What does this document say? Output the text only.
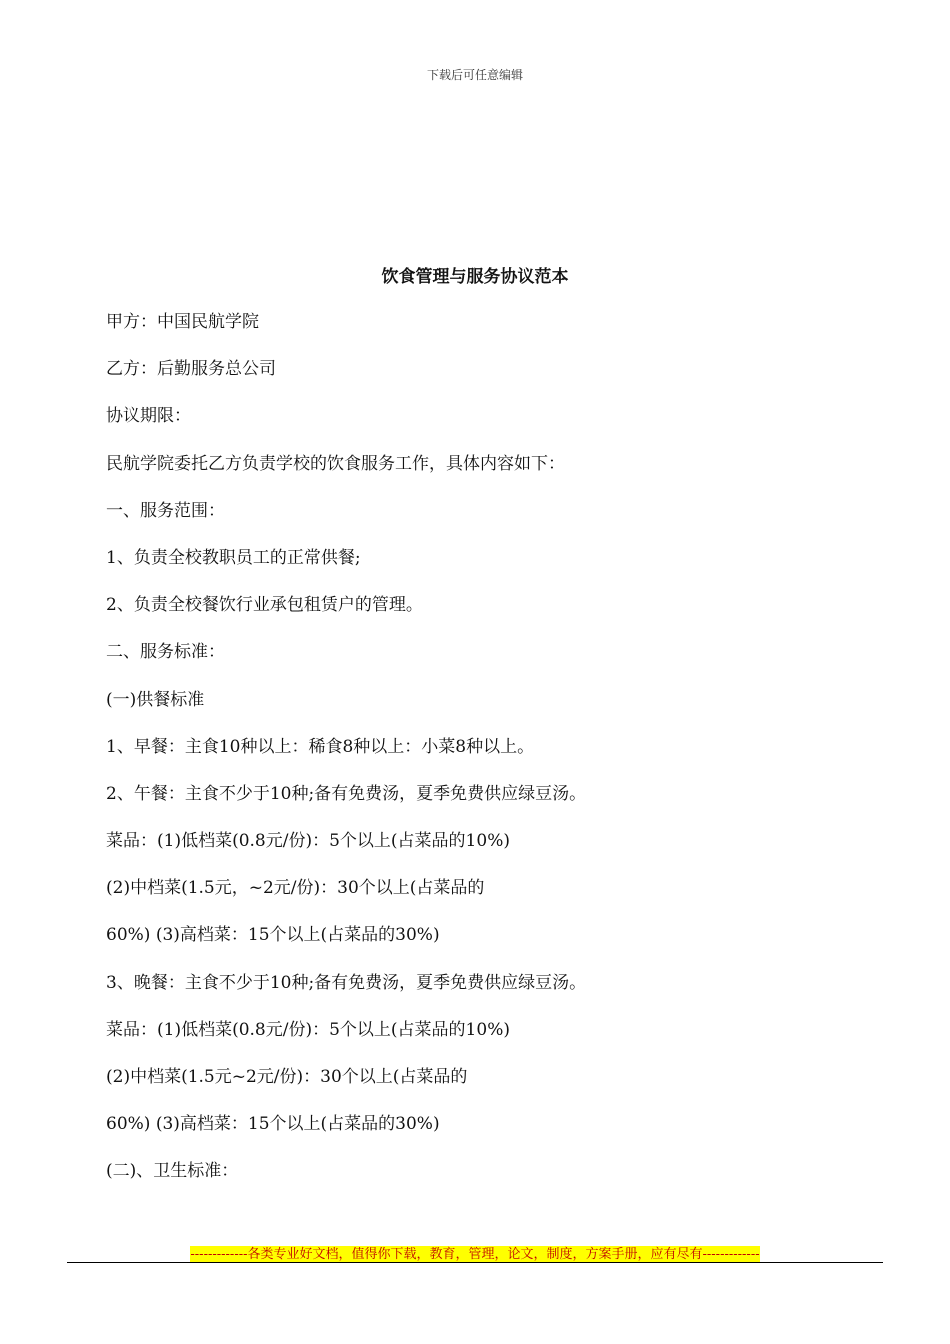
下载后可任意编辑
饮食管理与服务协议范本
甲方：中国民航学院
乙方：后勤服务总公司
协议期限：
民航学院委托乙方负责学校的饮食服务工作，具体内容如下：
一、服务范围：
1、负责全校教职员工的正常供餐;
2、负责全校餐饮行业承包租赁户的管理。
二、服务标准：
(一)供餐标准
1、早餐：主食10种以上：稀食8种以上：小菜8种以上。
2、午餐：主食不少于10种;备有免费汤，夏季免费供应绿豆汤。
菜品：(1)低档菜(0.8元/份)：5个以上(占菜品的10%)
(2)中档菜(1.5元，~2元/份)：30个以上(占菜品的
60%) (3)高档菜：15个以上(占菜品的30%)
3、晚餐：主食不少于10种;备有免费汤，夏季免费供应绿豆汤。
菜品：(1)低档菜(0.8元/份)：5个以上(占菜品的10%)
(2)中档菜(1.5元~2元/份)：30个以上(占菜品的
60%) (3)高档菜：15个以上(占菜品的30%)
(二)、卫生标准：
-------------各类专业好文档，值得你下载，教育，管理，论文，制度，方案手册，应有尽有-------------
